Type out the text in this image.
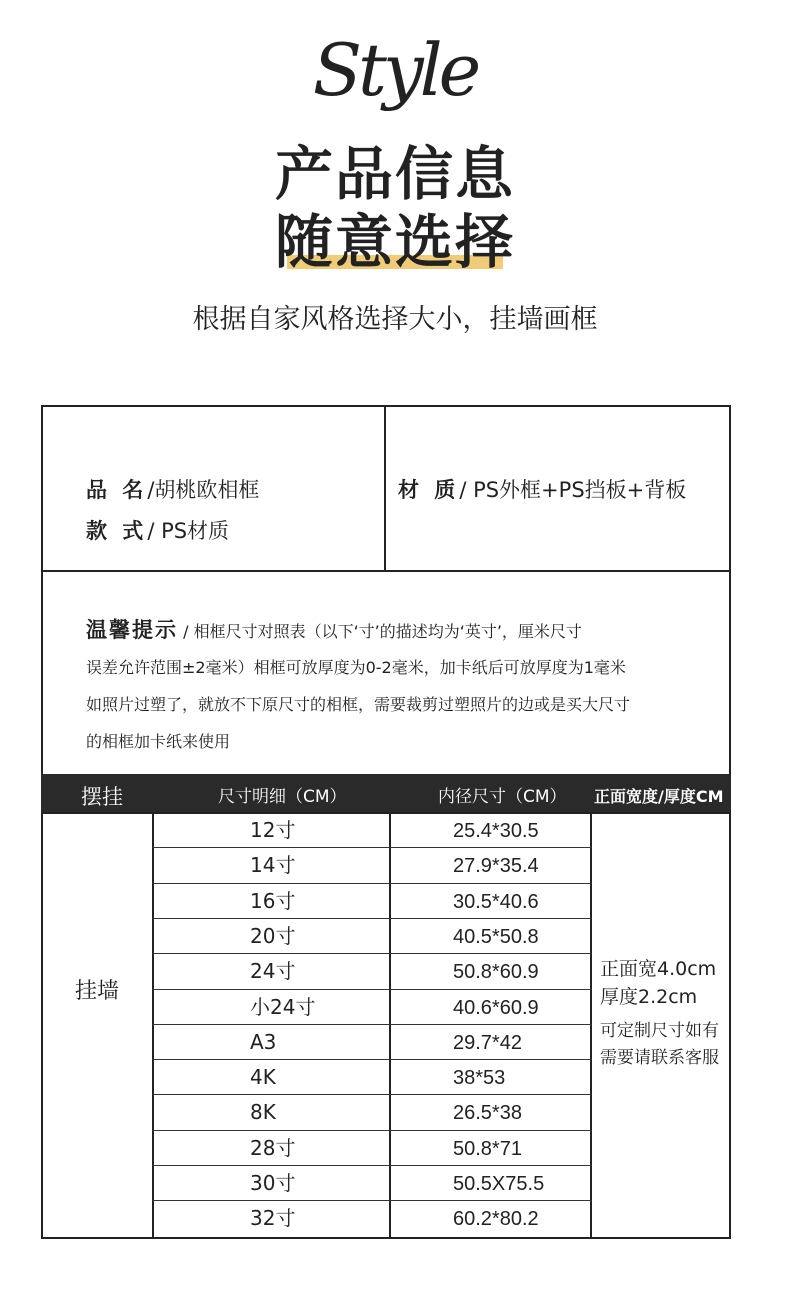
Style
产品信息
随意选择
根据自家风格选择大小，挂墙画框
品 名/胡桃欧相框
款 式/ PS材质
材 质/ PS外框+PS挡板+背板
温馨提示 / 相框尺寸对照表（以下‘寸’的描述均为‘英寸’，厘米尺寸
误差允许范围±2毫米）相框可放厚度为0-2毫米，加卡纸后可放厚度为1毫米
如照片过塑了，就放不下原尺寸的相框，需要裁剪过塑照片的边或是买大尺寸
的相框加卡纸来使用
摆挂	尺寸明细（CM）	内径尺寸（CM） 正面宽度/厚度CM
12寸	25.4*30.5
14寸	27.9*35.4
16寸	30.5*40.6
20寸	40.5*50.8
24寸	50.8*60.9
小24寸	40.6*60.9
A3	29.7*42
4K	38*53
8K	26.5*38
28寸	50.8*71
30寸	50.5X75.5
32寸	60.2*80.2
挂墙
正面宽4.0cm
厚度2.2cm
可定制尺寸如有
需要请联系客服
